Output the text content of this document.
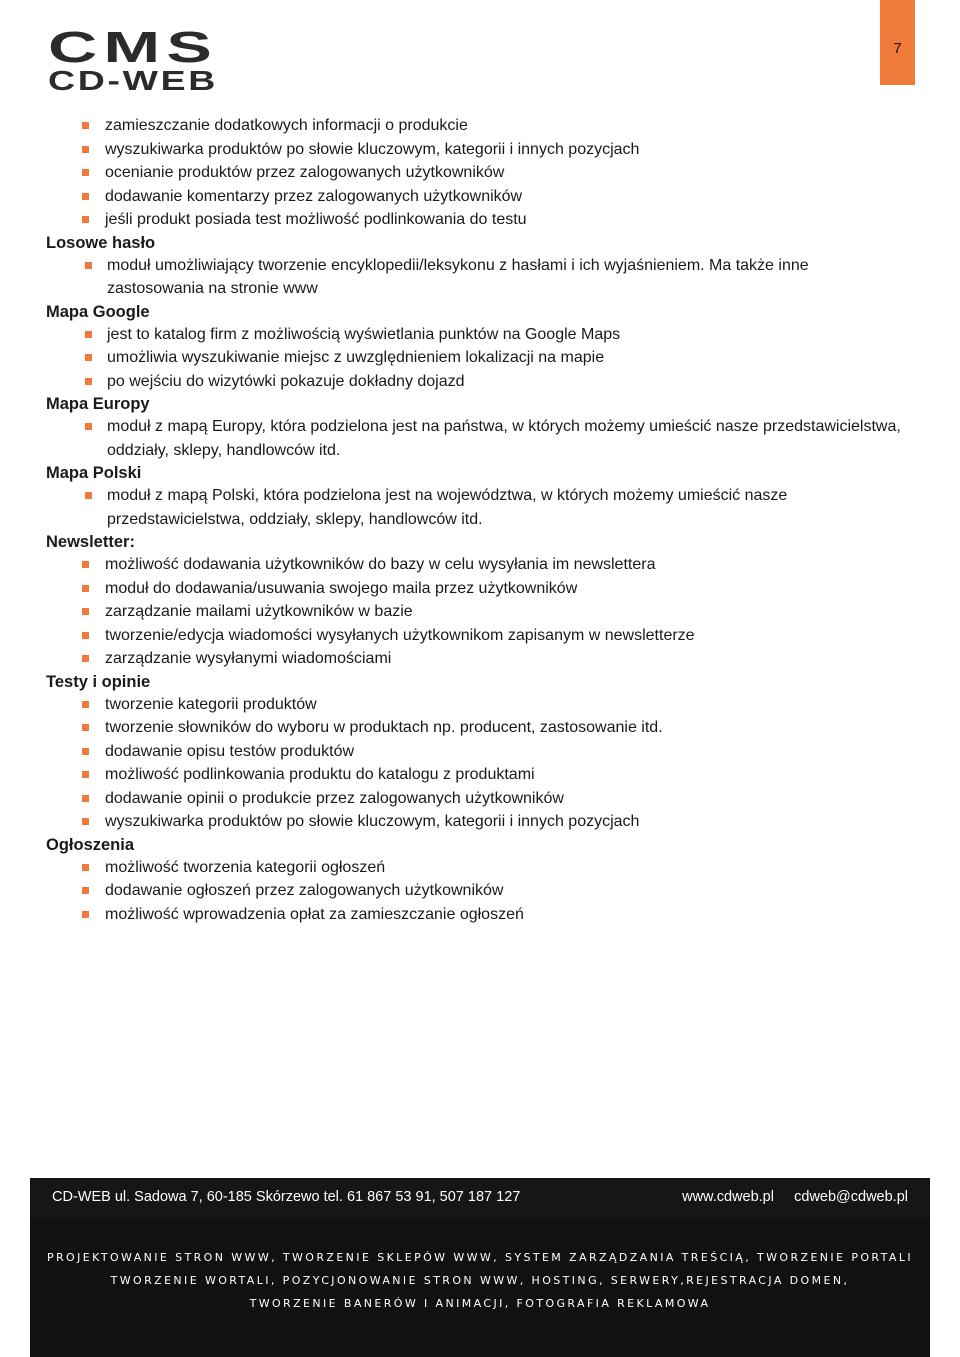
CMS
CD-WEB
7
zamieszczanie dodatkowych informacji o produkcie
wyszukiwarka produktów po słowie kluczowym, kategorii i innych pozycjach
ocenianie produktów przez zalogowanych użytkowników
dodawanie komentarzy przez zalogowanych użytkowników
jeśli produkt posiada test możliwość podlinkowania do testu
Losowe hasło
moduł umożliwiający tworzenie encyklopedii/leksykonu z hasłami i ich wyjaśnieniem. Ma także inne zastosowania na stronie www
Mapa Google
jest to katalog firm z możliwością wyświetlania punktów na Google Maps
umożliwia wyszukiwanie miejsc z uwzględnieniem lokalizacji na mapie
po wejściu do wizytówki pokazuje dokładny dojazd
Mapa Europy
moduł z mapą Europy, która podzielona jest na państwa, w których możemy umieścić nasze przedstawicielstwa, oddziały, sklepy, handlowców itd.
Mapa Polski
moduł z mapą Polski, która podzielona jest na województwa, w których możemy umieścić nasze przedstawicielstwa, oddziały, sklepy, handlowców itd.
Newsletter:
możliwość dodawania użytkowników do bazy w celu wysyłania im newslettera
moduł do dodawania/usuwania swojego maila przez użytkowników
zarządzanie mailami użytkowników w bazie
tworzenie/edycja wiadomości wysyłanych użytkownikom zapisanym w newsletterze
zarządzanie wysyłanymi wiadomościami
Testy i opinie
tworzenie kategorii produktów
tworzenie słowników do wyboru w produktach np. producent, zastosowanie itd.
dodawanie opisu testów produktów
możliwość podlinkowania produktu do katalogu z produktami
dodawanie opinii o produkcie przez zalogowanych użytkowników
wyszukiwarka produktów po słowie kluczowym, kategorii i innych pozycjach
Ogłoszenia
możliwość tworzenia kategorii ogłoszeń
dodawanie ogłoszeń przez zalogowanych użytkowników
możliwość wprowadzenia opłat za zamieszczanie ogłoszeń
CD-WEB ul. Sadowa 7, 60-185 Skórzewo tel. 61 867 53 91, 507 187 127	www.cdweb.pl cdweb@cdweb.pl
PROJEKTOWANIE STRON WWW, TWORZENIE SKLEPÓW WWW, SYSTEM ZARZĄDZANIA TREŚCIĄ, TWORZENIE PORTALI
TWORZENIE WORTALI, POZYCJONOWANIE STRON WWW, HOSTING, SERWERY,REJESTRACJA DOMEN,
TWORZENIE BANERÓW I ANIMACJI, FOTOGRAFIA REKLAMOWA
